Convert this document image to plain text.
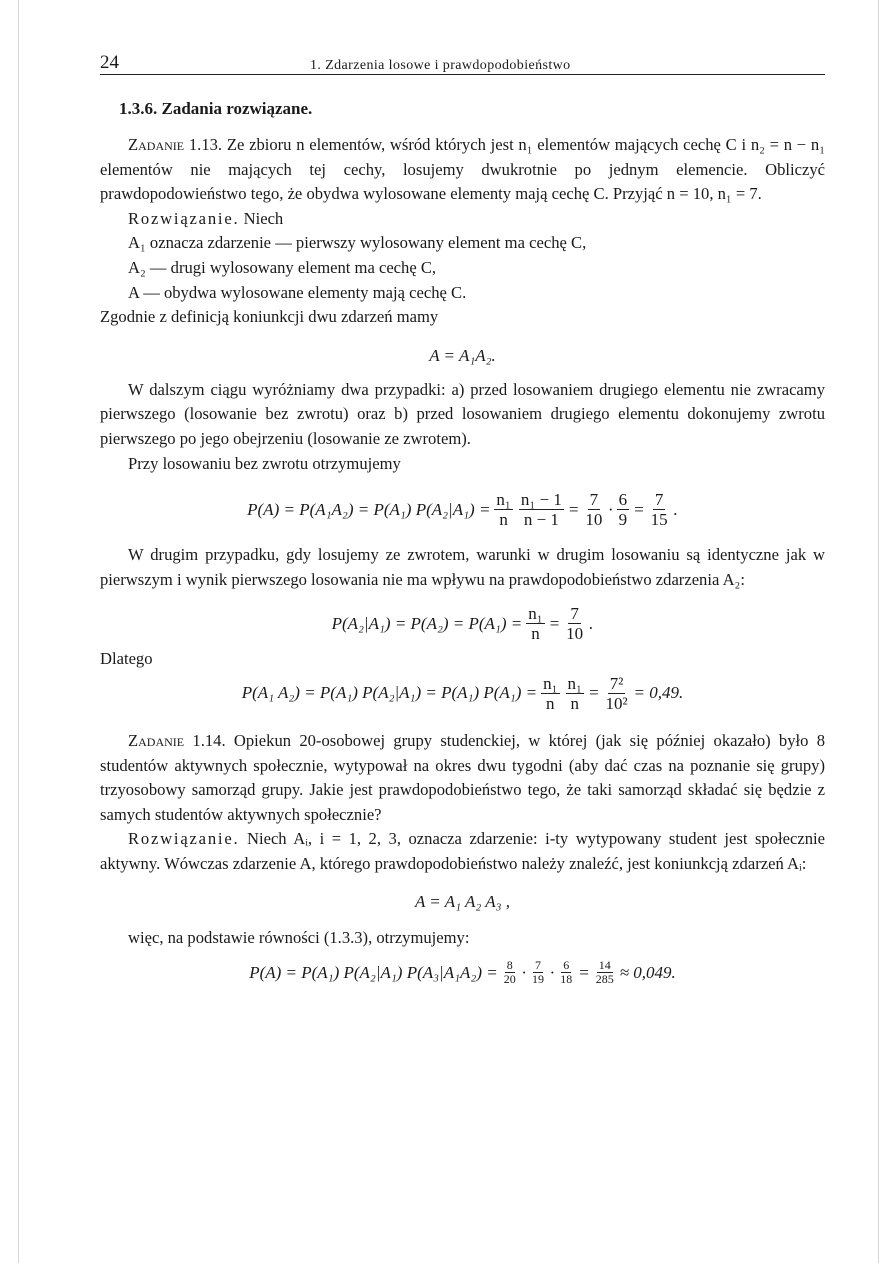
24	1. Zdarzenia losowe i prawdopodobieństwo
1.3.6. Zadania rozwiązane.

Zadanie 1.13. Ze zbioru n elementów, wśród których jest n₁ elementów mających cechę C i n₂ = n − n₁ elementów nie mających tej cechy, losujemy dwukrotnie po jednym elemencie. Obliczyć prawdopodowieństwo tego, że obydwa wylosowane elementy mają cechę C. Przyjąć n = 10, n₁ = 7.

Rozwiązanie. Niech

A₁ oznacza zdarzenie — pierwszy wylosowany element ma cechę C,

A₂ — drugi wylosowany element ma cechę C,

A — obydwa wylosowane elementy mają cechę C.

Zgodnie z definicją koniunkcji dwu zdarzeń mamy

A = A₁A₂.

W dalszym ciągu wyróżniamy dwa przypadki: a) przed losowaniem drugiego elementu nie zwracamy pierwszego (losowanie bez zwrotu) oraz b) przed losowaniem drugiego elementu dokonujemy zwrotu pierwszego po jego obejrzeniu (losowanie ze zwrotem).

Przy losowaniu bez zwrotu otrzymujemy

P(A) = P(A₁A₂) = P(A₁) $P(A_2|A_1) = \frac{\text{n₁}}{n} \frac{\text{n₁ − 1}}{n - 1} = \frac{7}{10} \cdot \frac{6}{9} = \frac{7}{15}$ .

W drugim przypadku, gdy losujemy ze zwrotem, warunki w drugim losowaniu są identyczne jak w pierwszym i wynik pierwszego losowania nie ma wpływu na prawdopodobieństwo zdarzenia A₂:

$P(A_2|A_1) = P(A_2) = P(A_1) = \frac{\text{n₁}}{n} = \frac{7}{10}$ .

Dlatego

P(A₁ A₂) = P(A₁) P(A₂|A₁) = P(A₁) $P(A_1) = \frac{\text{n₁}}{n} \frac{\text{n₁}}{n} = \frac{\text{7²}}{\text{10²}} = 0,49$.

Zadanie 1.14. Opiekun 20-osobowej grupy studenckiej, w której (jak się później okazało) było 8 studentów aktywnych społecznie, wytypował na okres dwu tygodni (aby dać czas na poznanie się grupy) trzyosobowy samorząd grupy. Jakie jest prawdopodobieństwo tego, że taki samorząd składać się będzie z samych studentów aktywnych społecznie?

Rozwiązanie. Niech Aᵢ, i = 1, 2, 3, oznacza zdarzenie: i-ty wytypowany student jest społecznie aktywny. Wówczas zdarzenie A, którego prawdopodobieństwo należy znaleźć, jest koniunkcją zdarzeń Aᵢ:

A = A₁ A₂ A₃ ,

więc, na podstawie równości (1.3.3), otrzymujemy:

P(A) = P(A₁) P(A₂|A₁) $P(A_3|A_1A_2) = \frac{8}{20} \cdot \frac{7}{19} \cdot \frac{6}{18} = \frac{14}{285} \approx 0,049$.
